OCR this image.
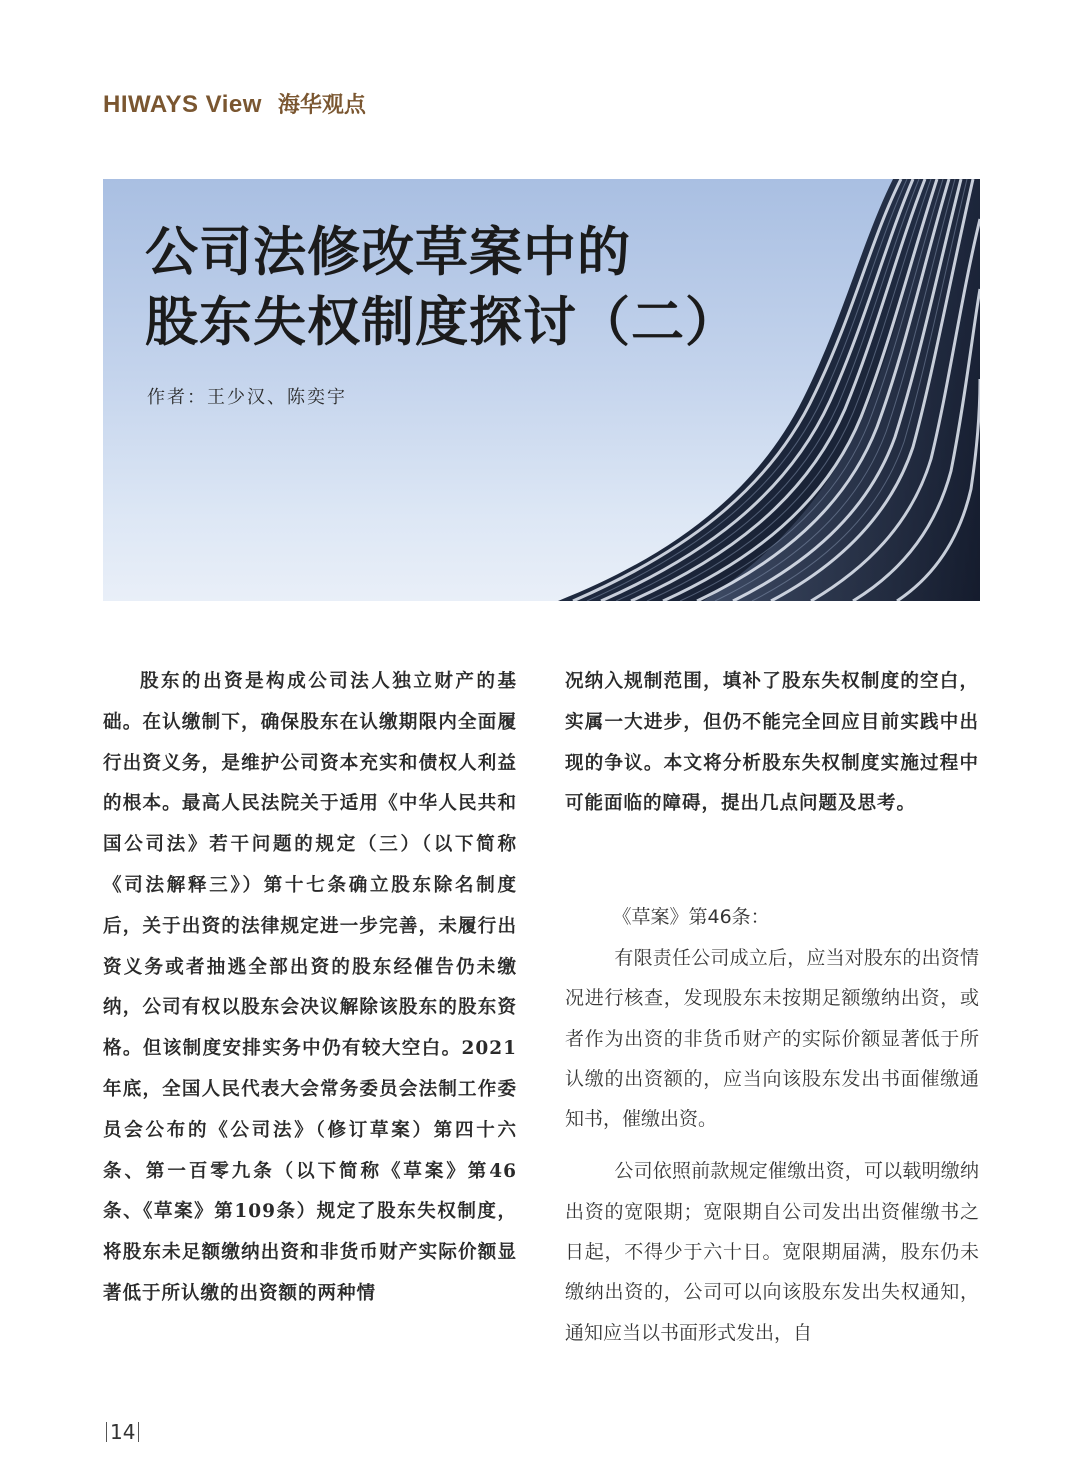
HIWAYS View 海华观点
公司法修改草案中的
股东失权制度探讨（二）
作者：王少汉、陈奕宇

股东的出资是构成公司法人独立财产的基础。在认缴制下，确保股东在认缴期限内全面履行出资义务，是维护公司资本充实和债权人利益的根本。最高人民法院关于适用《中华人民共和国公司法》若干问题的规定（三）（以下简称《司法解释三》）第十七条确立股东除名制度后，关于出资的法律规定进一步完善，未履行出资义务或者抽逃全部出资的股东经催告仍未缴纳，公司有权以股东会决议解除该股东的股东资格。但该制度安排实务中仍有较大空白。2021年底，全国人民代表大会常务委员会法制工作委员会公布的《公司法》（修订草案）第四十六条、第一百零九条（以下简称《草案》第46条、《草案》第109条）规定了股东失权制度，将股东未足额缴纳出资和非货币财产实际价额显著低于所认缴的出资额的两种情

况纳入规制范围，填补了股东失权制度的空白，实属一大进步，但仍不能完全回应目前实践中出现的争议。本文将分析股东失权制度实施过程中可能面临的障碍，提出几点问题及思考。

《草案》第46条：

有限责任公司成立后，应当对股东的出资情况进行核查，发现股东未按期足额缴纳出资，或者作为出资的非货币财产的实际价额显著低于所认缴的出资额的，应当向该股东发出书面催缴通知书，催缴出资。

公司依照前款规定催缴出资，可以载明缴纳出资的宽限期；宽限期自公司发出出资催缴书之日起，不得少于六十日。宽限期届满，股东仍未缴纳出资的，公司可以向该股东发出失权通知，通知应当以书面形式发出，自

14
